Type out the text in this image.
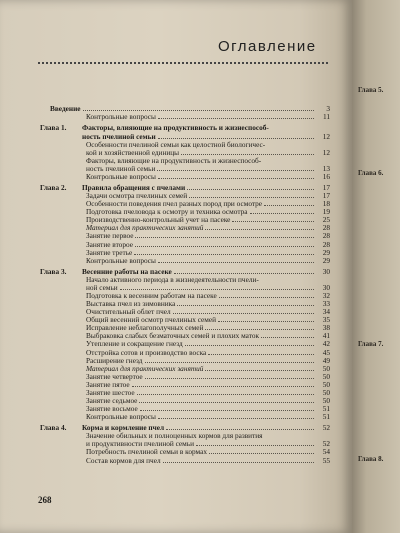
Оглавление
Введение	3
Контрольные вопросы	11
Глава 1.	Факторы, влияющие на продуктивность и жизнеспособ-
ность пчелиной семьи	12
Особенности пчелиной семьи как целостной биологичес-
кой и хозяйственной единицы	12
Факторы, влияющие на продуктивность и жизнеспособ-
ность пчелиной семьи	13
Контрольные вопросы	16
Глава 2.	Правила обращения с пчелами	17
Задачи осмотра пчелиных семей	17
Особенности поведения пчел разных пород при осмотре	18
Подготовка пчеловода к осмотру и техника осмотра	19
Производственно-контрольный учет на пасеке	25
Материал для практических занятий	28
Занятие первое	28
Занятие второе	28
Занятие третье	29
Контрольные вопросы	29
Глава 3.	Весенние работы на пасеке	30
Начало активного периода в жизнедеятельности пчели-
ной семьи	30
Подготовка к весенним работам на пасеке	32
Выставка пчел из зимовника	33
Очистительный облет пчел	34
Общий весенний осмотр пчелиных семей	35
Исправление неблагополучных семей	38
Выбраковка слабых безматочных семей и плохих маток	41
Утепление и сокращение гнезд	42
Отстройка сотов и производство воска	45
Расширение гнезд	49
Материал для практических занятий	50
Занятие четвертое	50
Занятие пятое	50
Занятие шестое	50
Занятие седьмое	50
Занятие восьмое	51
Контрольные вопросы	51
Глава 4.	Корма и кормление пчел	52
Значение обильных и полноценных кормов для развития
и продуктивности пчелиной семьи	52
Потребность пчелиной семьи в кормах	54
Состав кормов для пчел	55
268
Глава 5.
Глава 6.
Глава 7.
Глава 8.
